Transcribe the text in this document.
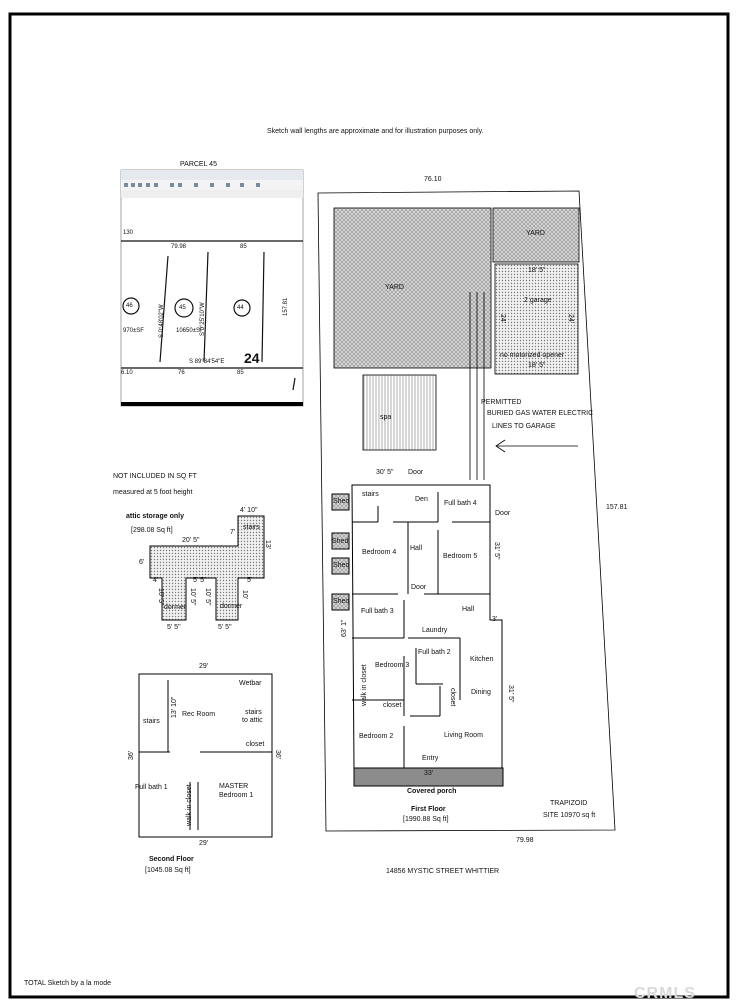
Sketch wall lengths are approximate and for illustration purposes only.
PARCEL 45
130
79.98	85
46	45	44
970±SF	10650±SF
S 0°48'02"W	S 0°25'10"W	157.81
S 89°34'54"E 24
6.10	76	85
76.10
YARD
YARD
18' 5"
2 garage
24'	24'
no motorized opener
18' 5"
spa
PERMITTED
BURIED GAS WATER ELECTRIC
LINES TO GARAGE
157.81
TRAPIZOID
SITE 10970 sq ft
79.98
14856 MYSTIC STREET WHITTIER
30' 5" Door
Shed
Shed
Shed
Shed
stairs
Den
Full bath 4
Door
Bedroom 4
Hall
Bedroom 5 31' 5"
Door
Full bath 3	Hall
3'
Laundry
63' 1"
Full bath 2
Bedroom 3
Kitchen
walk in closet closet	closet Dining 31' 5"
Bedroom 2	Living Room
Entry
33'
Covered porch
First Floor
[1990.88 Sq ft]
NOT INCLUDED IN SQ FT
measured at 5 foot height
attic storage only
[298.08 Sq ft]
4' 10"
stairs
7'
13'
20' 5"
6'
4'	5' 5"	5'
10' 5"	10' 5" 10' 5"	10'
dormer	dormer
5' 5"	5' 5"
29'
Wetbar
13' 10" Rec Room
stairs
stairs
to attic
closet
36'	36'
Full bath 1	MASTER
Bedroom 1
walk in closet
29'
Second Floor
[1045.08 Sq ft]
TOTAL Sketch by a la mode
CRMLS
